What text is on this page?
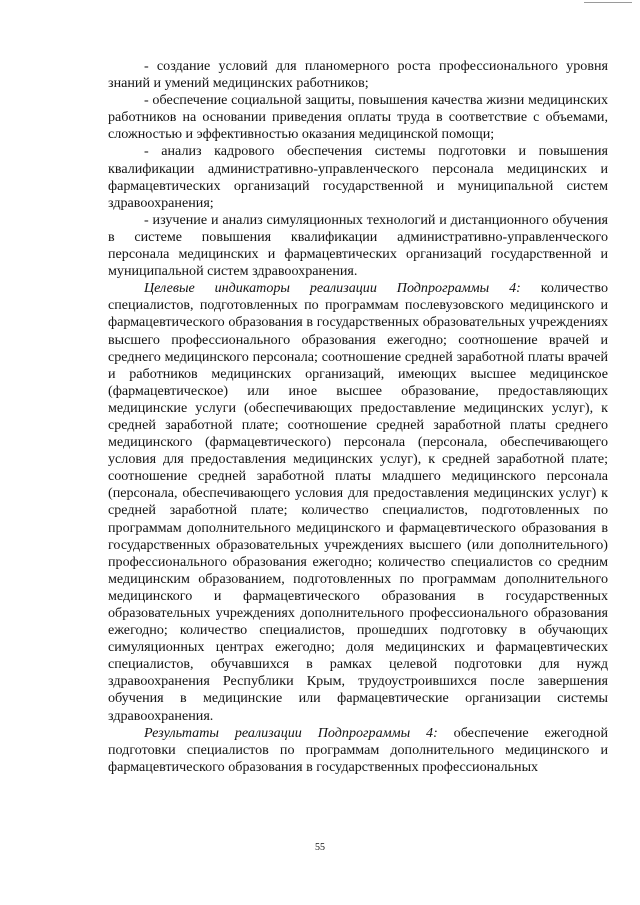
- создание условий для планомерного роста профессионального уровня знаний и умений медицинских работников;

- обеспечение социальной защиты, повышения качества жизни медицинских работников на основании приведения оплаты труда в соответствие с объемами, сложностью и эффективностью оказания медицинской помощи;

- анализ кадрового обеспечения системы подготовки и повышения квалификации административно-управленческого персонала медицинских и фармацевтических организаций государственной и муниципальной систем здравоохранения;

- изучение и анализ симуляционных технологий и дистанционного обучения в системе повышения квалификации административно-управленческого персонала медицинских и фармацевтических организаций государственной и муниципальной систем здравоохранения.

Целевые индикаторы реализации Подпрограммы 4: количество специалистов, подготовленных по программам послевузовского медицинского и фармацевтического образования в государственных образовательных учреждениях высшего профессионального образования ежегодно; соотношение врачей и среднего медицинского персонала; соотношение средней заработной платы врачей и работников медицинских организаций, имеющих высшее медицинское (фармацевтическое) или иное высшее образование, предоставляющих медицинские услуги (обеспечивающих предоставление медицинских услуг), к средней заработной плате; соотношение средней заработной платы среднего медицинского (фармацевтического) персонала (персонала, обеспечивающего условия для предоставления медицинских услуг), к средней заработной плате; соотношение средней заработной платы младшего медицинского персонала (персонала, обеспечивающего условия для предоставления медицинских услуг) к средней заработной плате; количество специалистов, подготовленных по программам дополнительного медицинского и фармацевтического образования в государственных образовательных учреждениях высшего (или дополнительного) профессионального образования ежегодно; количество специалистов со средним медицинским образованием, подготовленных по программам дополнительного медицинского и фармацевтического образования в государственных образовательных учреждениях дополнительного профессионального образования ежегодно; количество специалистов, прошедших подготовку в обучающих симуляционных центрах ежегодно; доля медицинских и фармацевтических специалистов, обучавшихся в рамках целевой подготовки для нужд здравоохранения Республики Крым, трудоустроившихся после завершения обучения в медицинские или фармацевтические организации системы здравоохранения.

Результаты реализации Подпрограммы 4: обеспечение ежегодной подготовки специалистов по программам дополнительного медицинского и фармацевтического образования в государственных профессиональных

55
